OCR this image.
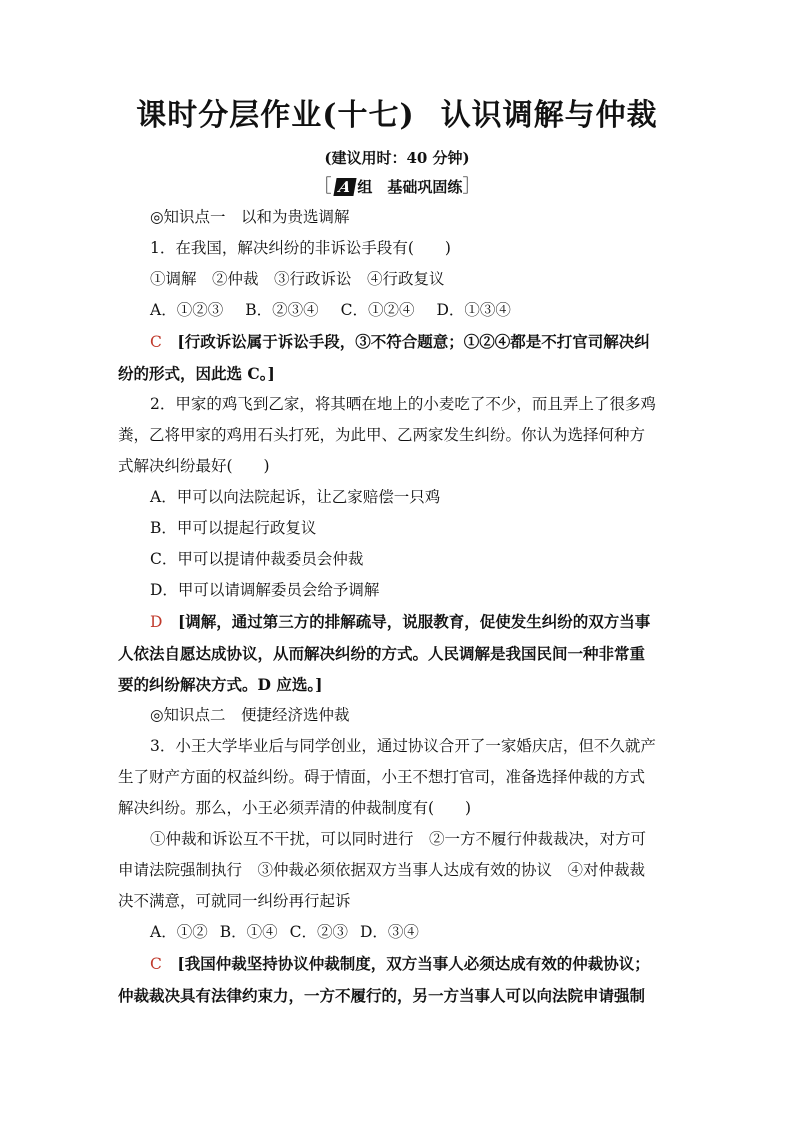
课时分层作业(十七) 认识调解与仲裁
(建议用时：40 分钟)
［ A 组　基础巩固练］

◎知识点一　以和为贵选调解

1．在我国，解决纠纷的非诉讼手段有(　　)

①调解　②仲裁　③行政诉讼　④行政复议

A．①②③ B．②③④ C．①②④ D．①③④

C　 [行政诉讼属于诉讼手段，③不符合题意；①②④都是不打官司解决纠

纷的形式，因此选 C。]

2．甲家的鸡飞到乙家，将其晒在地上的小麦吃了不少，而且弄上了很多鸡

粪，乙将甲家的鸡用石头打死，为此甲、乙两家发生纠纷。你认为选择何种方

式解决纠纷最好(　　)

A．甲可以向法院起诉，让乙家赔偿一只鸡

B．甲可以提起行政复议

C．甲可以提请仲裁委员会仲裁

D．甲可以请调解委员会给予调解

D　 [调解，通过第三方的排解疏导，说服教育，促使发生纠纷的双方当事

人依法自愿达成协议，从而解决纠纷的方式。人民调解是我国民间一种非常重

要的纠纷解决方式。D 应选。]

◎知识点二　便捷经济选仲裁

3．小王大学毕业后与同学创业，通过协议合开了一家婚庆店，但不久就产

生了财产方面的权益纠纷。碍于情面，小王不想打官司，准备选择仲裁的方式

解决纠纷。那么，小王必须弄清的仲裁制度有(　　)

①仲裁和诉讼互不干扰，可以同时进行　②一方不履行仲裁裁决，对方可

申请法院强制执行　③仲裁必须依据双方当事人达成有效的协议　④对仲裁裁

决不满意，可就同一纠纷再行起诉

A．①② B．①④ C．②③ D．③④

C　 [我国仲裁坚持协议仲裁制度，双方当事人必须达成有效的仲裁协议；

仲裁裁决具有法律约束力，一方不履行的，另一方当事人可以向法院申请强制
